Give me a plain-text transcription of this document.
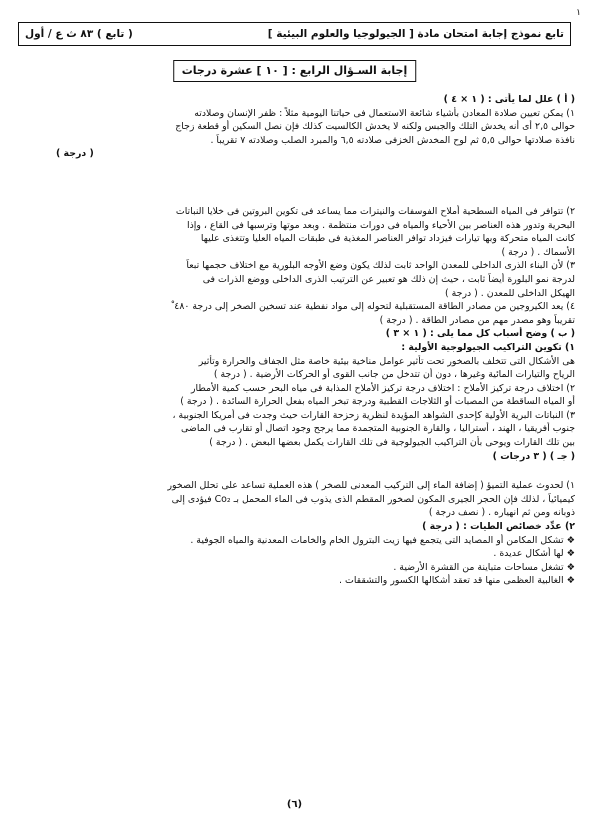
١
تابع نموذج إجابة امتحان مادة [ الجيولوجيا والعلوم البيئية ]
( تابع ) ٨٣ ث ع / أول
إجابة السـؤال الرابع : [ ١٠ ] عشرة درجات
( أ ) علل لما يأتى : ( ١ × ٤ )
١) يمكن تعيين صلادة المعادن بأشياء شائعة الاستعمال فى حياتنا اليومية مثلاً : ظفر الإنسان وصلادته
حوالى ٢,٥ أى أنه يخدش التلك والجبس ولكنه لا يخدش الكالسيت كذلك فإن نصل السكين أو قطعة زجاج
نافذة صلادتها حوالى ٥,٥ ثم لوح المخدش الخزفى صلادته ٦,٥ والمبرد الصلب وصلادته ٧ تقريباً .
( درجة )
٢) تتوافر فى المياه السطحية أملاح الفوسفات والنيترات مما يساعد فى تكوين البروتين فى خلايا النباتات
البحرية وتدور هذه العناصر بين الأحياء والمياه فى دورات منتظمة . وبعد موتها وترسبها فى القاع ، وإذا
كانت المياه متحركة وبها تيارات فيزداد توافر العناصر المغذية فى طبقات المياه العليا وتتغذى عليها
الأسماك . ( درجة )
٣) لأن البناء الذرى الداخلى للمعدن الواحد ثابت لذلك يكون وضع الأوجه البلورية مع اختلاف حجمها تبعاً
لدرجة نمو البلورة أيضاً ثابت ، حيث إن ذلك هو تعبير عن الترتيب الذرى الداخلى ووضع الذرات فى
الهيكل الداخلى للمعدن . ( درجة )
٤) يعد الكيروجين من مصادر الطاقة المستقبلية لتحوله إلى مواد نفطية عند تسخين الصخر إلى درجة ٤٨٠ ْ
تقريباً وهو مصدر مهم من مصادر الطاقة . ( درجة )
( ب ) وضح أسباب كل مما يلى : ( ١ × ٣ )
١) تكوين التراكيب الجيولوجية الأولية :
هى الأشكال التى تتخلف بالصخور تحت تأثير عوامل مناخية بيئية خاصة مثل الجفاف والحرارة وتأثير
الرياح والتيارات المائية وغيرها ، دون أن تتدخل من جانب القوى أو الحركات الأرضية . ( درجة )
٢) اختلاف درجة تركيز الأملاح : اختلاف درجة تركيز الأملاح المذابة فى مياه البحر حسب كمية الأمطار
أو المياه الساقطة من المصبات أو الثلاجات القطبية ودرجة تبخر المياه بفعل الحرارة السائدة . ( درجة )
٣) النباتات البرية الأولية كإحدى الشواهد المؤيدة لنظرية زحزحة القارات حيث وجدت فى أمريكا الجنوبية ،
جنوب أفريقيا ، الهند ، أستراليا ، والقارة الجنوبية المتجمدة مما يرجح وجود اتصال أو تقارب فى الماضى
بين تلك القارات ويوحى بأن التراكيب الجيولوجية فى تلك القارات يكمل بعضها البعض . ( درجة )
( جـ ) ( ٣ درجات )
١) لحدوث عملية التميؤ ( إضافة الماء إلى التركيب المعدنى للصخر ) هذه العملية تساعد على تحلل الصخور
كيميائياً ، لذلك فإن الحجر الجيرى المكون لصخور المقطم الذى يذوب فى الماء المحمل بـ Co₂ فيؤدى إلى
ذوبانه ومن ثم انهياره . ( نصف درجة )
٢) عدِّد خصائص الطيات : ( درجة )
❖ تشكل المكامن أو المصايد التى يتجمع فيها زيت البترول الخام والخامات المعدنية والمياه الجوفية .
❖ لها أشكال عديدة .
❖ تشغل مساحات متباينة من القشرة الأرضية .
❖ الغالبية العظمى منها قد تعقد أشكالها الكسور والتشققات .
(٦)
